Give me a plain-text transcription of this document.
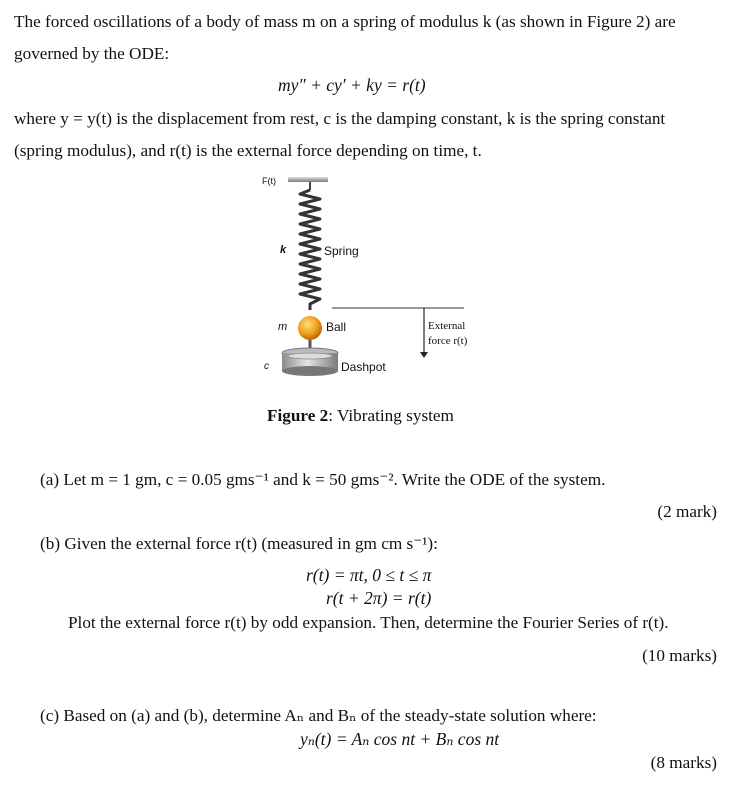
The forced oscillations of a body of mass m on a spring of modulus k (as shown in Figure 2) are
governed by the ODE:
my″ + cy′ + ky = r(t)
where y = y(t) is the displacement from rest, c is the damping constant, k is the spring constant
(spring modulus), and r(t) is the external force depending on time, t.
F(t)
k	Spring
m	Ball	External
force r(t)
c	Dashpot
Figure 2: Vibrating system
(a) Let m = 1 gm, c = 0.05 gms⁻¹ and k = 50 gms⁻². Write the ODE of the system.
(2 mark)
(b) Given the external force r(t) (measured in gm cm s⁻¹):
r(t) = πt, 0 ≤ t ≤ π
r(t + 2π) = r(t)
Plot the external force r(t) by odd expansion. Then, determine the Fourier Series of r(t).
(10 marks)
(c) Based on (a) and (b), determine Aₙ and Bₙ of the steady-state solution where:
yₙ(t) = Aₙ cos nt + Bₙ cos nt
(8 marks)
